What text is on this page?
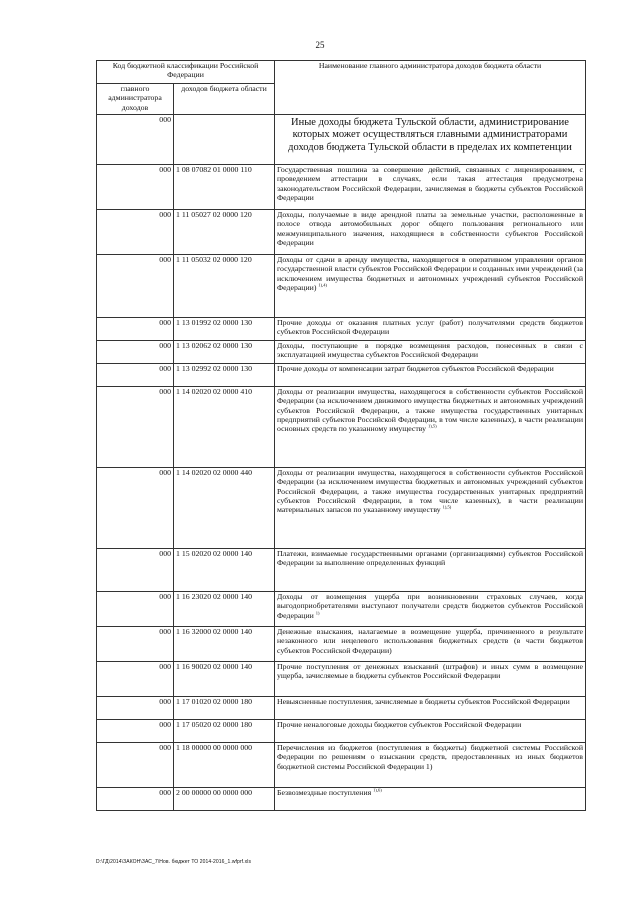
25
Код бюджетной классификации Российской Федерации		Наименование главного администратора доходов бюджета области
главного администратора доходов	доходов бюджета области	
000		Иные доходы бюджета Тульской области, администрирование которых может осуществляться главными администраторами доходов бюджета Тульской области в пределах их компетенции
000	1 08 07082 01 0000 110	Государственная пошлина за совершение действий, связанных с лицензированием, с проведением аттестации в случаях, если такая аттестация предусмотрена законодательством Российской Федерации, зачисляемая в бюджеты субъектов Российской Федерации
000	1 11 05027 02 0000 120	Доходы, получаемые в виде арендной платы за земельные участки, расположенные в полосе отвода автомобильных дорог общего пользования регионального или межмуниципального значения, находящиеся в собственности субъектов Российской Федерации
000	1 11 05032 02 0000 120	Доходы от сдачи в аренду имущества, находящегося в оперативном управлении органов государственной власти субъектов Российской Федерации и созданных ими учреждений (за исключением имущества бюджетных и автономных учреждений субъектов Российской Федерации) $^{1),4)}$
000	1 13 01992 02 0000 130	Прочие доходы от оказания платных услуг (работ) получателями средств бюджетов субъектов Российской Федерации
000	1 13 02062 02 0000 130	Доходы, поступающие в порядке возмещения расходов, понесенных в связи с эксплуатацией имущества субъектов Российской Федерации
000	1 13 02992 02 0000 130	Прочие доходы от компенсации затрат бюджетов субъектов Российской Федерации
000	1 14 02020 02 0000 410	Доходы от реализации имущества, находящегося в собственности субъектов Российской Федерации (за исключением движимого имущества бюджетных и автономных учреждений субъектов Российской Федерации, а также имущества государственных унитарных предприятий субъектов Российской Федерации, в том числе казенных), в части реализации основных средств по указанному имуществу $^{1),5)}$
000	1 14 02020 02 0000 440	Доходы от реализации имущества, находящегося в собственности субъектов Российской Федерации (за исключением имущества бюджетных и автономных учреждений субъектов Российской Федерации, а также имущества государственных унитарных предприятий субъектов Российской Федерации, в том числе казенных), в части реализации материальных запасов по указанному имуществу $^{1),5)}$
000	1 15 02020 02 0000 140	Платежи, взимаемые государственными органами (организациями) субъектов Российской Федерации за выполнение определенных функций
000	1 16 23020 02 0000 140	Доходы от возмещения ущерба при возникновении страховых случаев, когда выгодоприобретателями выступают получатели средств бюджетов субъектов Российской Федерации $^{1)}$
000	1 16 32000 02 0000 140	Денежные взыскания, налагаемые в возмещение ущерба, причиненного в результате незаконного или нецелевого использования бюджетных средств (в части бюджетов субъектов Российской Федерации)
000	1 16 90020 02 0000 140	Прочие поступления от денежных взысканий (штрафов) и иных сумм в возмещение ущерба, зачисляемые в бюджеты субъектов Российской Федерации
000	1 17 01020 02 0000 180	Невыясненные поступления, зачисляемые в бюджеты субъектов Российской Федерации
000	1 17 05020 02 0000 180	Прочие неналоговые доходы бюджетов субъектов Российской Федерации
000	1 18 00000 00 0000 000	Перечисления из бюджетов (поступления в бюджеты) бюджетной системы Российской Федерации по решениям о взыскании средств, предоставленных из иных бюджетов бюджетной системы Российской Федерации 1)
000	2 00 00000 00 0000 000	Безвозмездные поступления $^{1),6)}$
D:\ГД\2014\ЗАКОН\ЗАС_7\Нов. бюджет ТО 2014-2016_1.wfprf.xls
